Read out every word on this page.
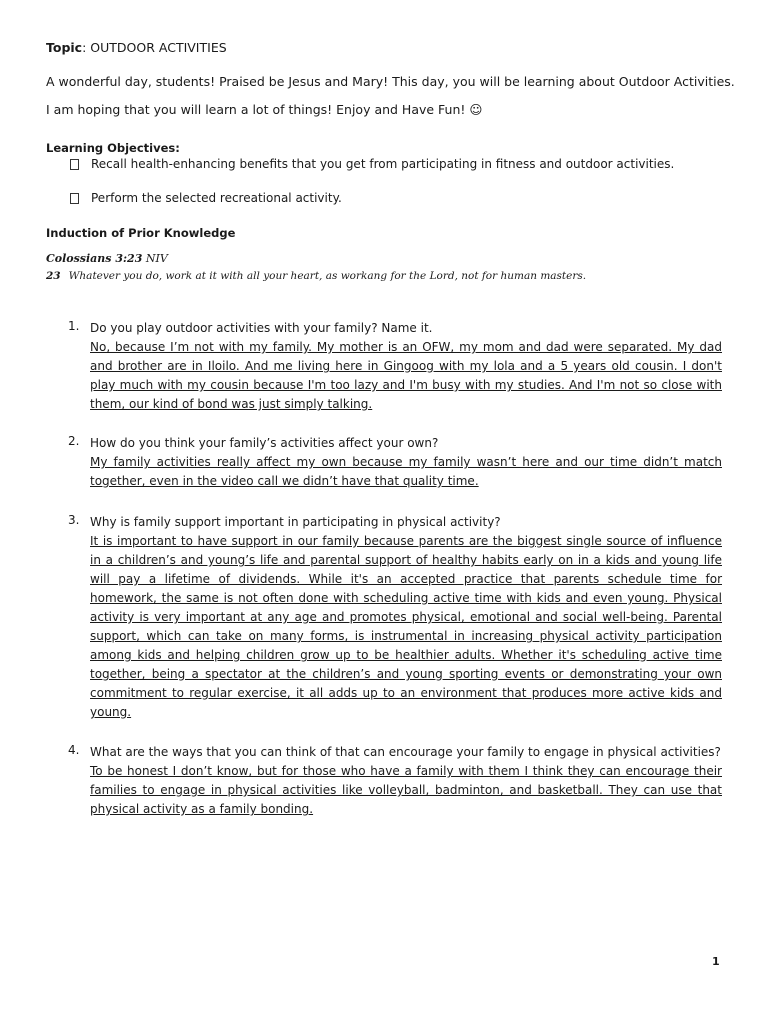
Topic: OUTDOOR ACTIVITIES
A wonderful day, students! Praised be Jesus and Mary! This day, you will be learning about Outdoor Activities. I am hoping that you will learn a lot of things! Enjoy and Have Fun! ☺
Learning Objectives:
Recall health-enhancing benefits that you get from participating in fitness and outdoor activities.
Perform the selected recreational activity.
Induction of Prior Knowledge
Colossians 3:23 NIV
23 Whatever you do, work at it with all your heart, as workang for the Lord, not for human masters.
1. Do you play outdoor activities with your family? Name it.
No, because I’m not with my family. My mother is an OFW, my mom and dad were separated. My dad and brother are in Iloilo. And me living here in Gingoog with my lola and a 5 years old cousin. I don't play much with my cousin because I'm too lazy and I'm busy with my studies. And I'm not so close with them, our kind of bond was just simply talking.
2. How do you think your family’s activities affect your own?
My family activities really affect my own because my family wasn’t here and our time didn’t match together, even in the video call we didn’t have that quality time.
3. Why is family support important in participating in physical activity?
It is important to have support in our family because parents are the biggest single source of influence in a children’s and young’s life and parental support of healthy habits early on in a kids and young life will pay a lifetime of dividends. While it's an accepted practice that parents schedule time for homework, the same is not often done with scheduling active time with kids and even young. Physical activity is very important at any age and promotes physical, emotional and social well-being. Parental support, which can take on many forms, is instrumental in increasing physical activity participation among kids and helping children grow up to be healthier adults. Whether it's scheduling active time together, being a spectator at the children’s and young sporting events or demonstrating your own commitment to regular exercise, it all adds up to an environment that produces more active kids and young.
4. What are the ways that you can think of that can encourage your family to engage in physical activities?
To be honest I don’t know, but for those who have a family with them I think they can encourage their families to engage in physical activities like volleyball, badminton, and basketball. They can use that physical activity as a family bonding.
1
